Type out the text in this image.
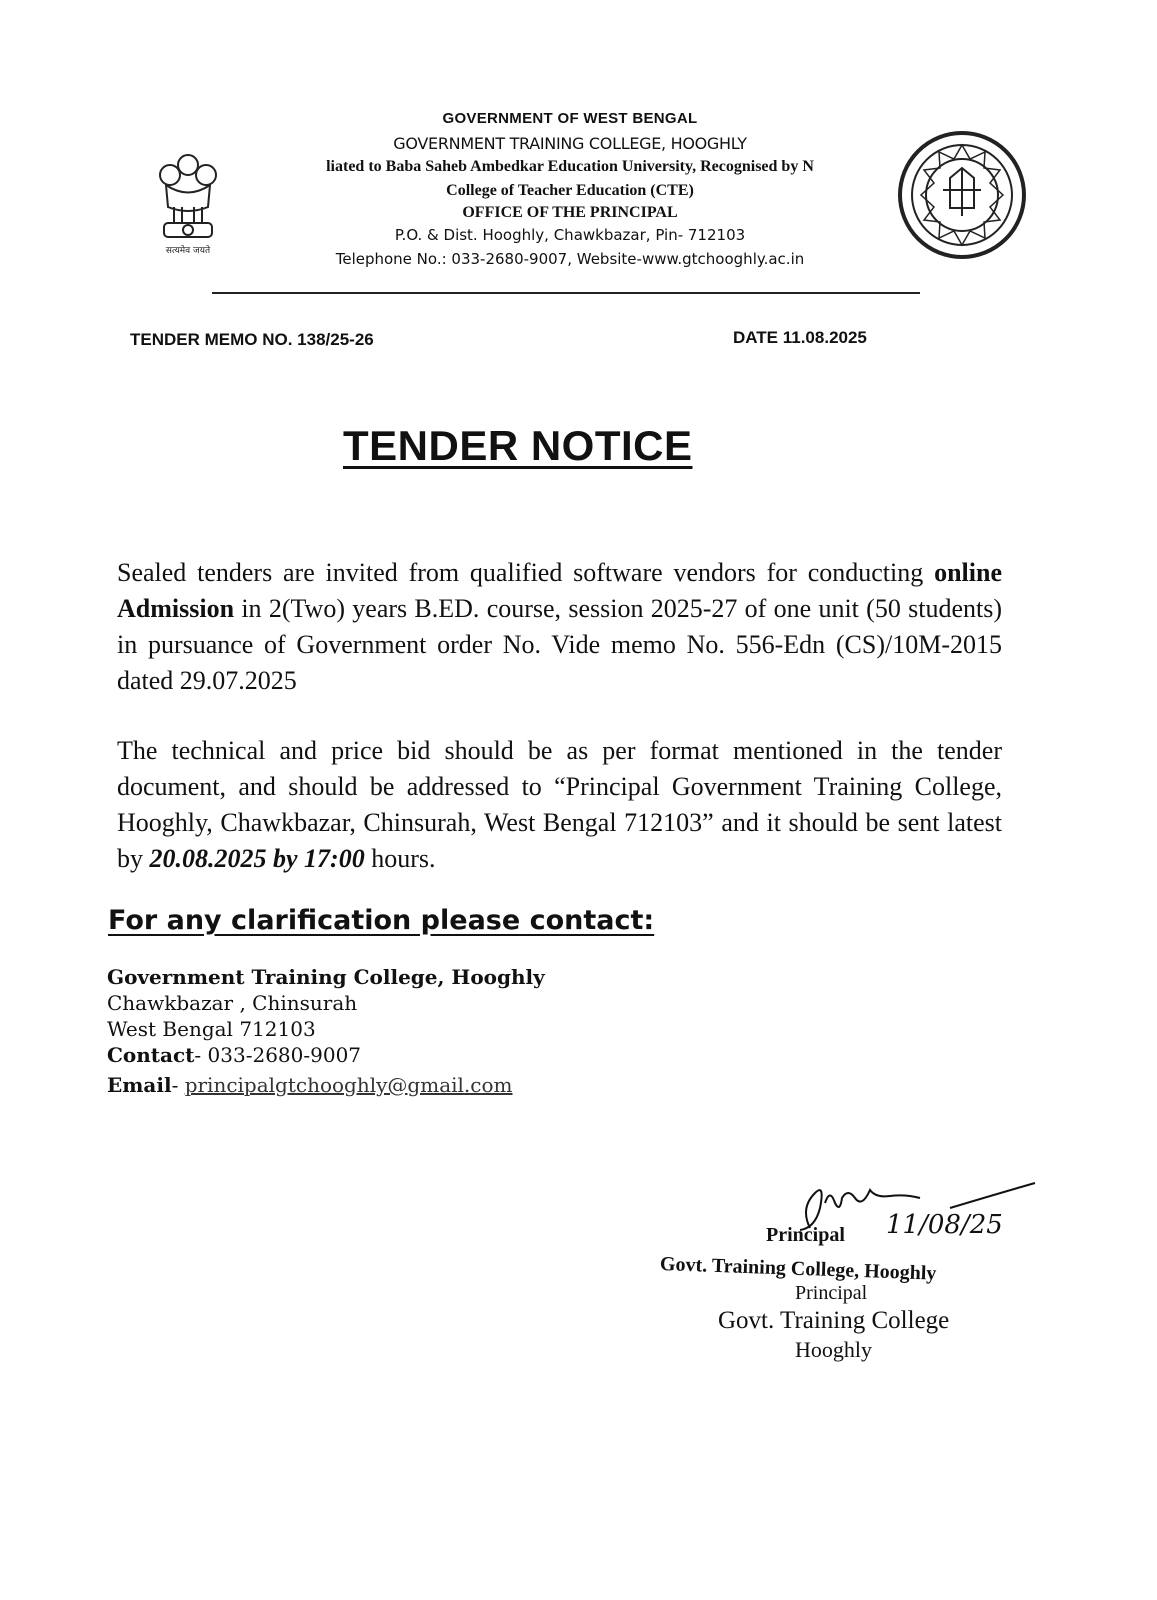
सत्यमेव जयते
GOVERNMENT OF WEST BENGAL
GOVERNMENT TRAINING COLLEGE, HOOGHLY
liated to Baba Saheb Ambedkar Education University, Recognised by N
College of Teacher Education (CTE)
OFFICE OF THE PRINCIPAL
P.O. & Dist. Hooghly, Chawkbazar, Pin- 712103
Telephone No.: 033-2680-9007, Website-www.gtchooghly.ac.in
TENDER MEMO NO. 138/25-26	DATE 11.08.2025
TENDER NOTICE
Sealed tenders are invited from qualified software vendors for conducting online Admission in 2(Two) years B.ED. course, session 2025-27 of one unit (50 students) in pursuance of Government order No. Vide memo No. 556-Edn (CS)/10M-2015 dated 29.07.2025
The technical and price bid should be as per format mentioned in the tender document, and should be addressed to “Principal Government Training College, Hooghly, Chawkbazar, Chinsurah, West Bengal 712103” and it should be sent latest by 20.08.2025 by 17:00 hours.
For any clarification please contact:
Government Training College, Hooghly
Chawkbazar , Chinsurah
West Bengal 712103
Contact- 033-2680-9007
Email- principalgtchooghly@gmail.com
11/08/25
Principal
Govt. Training College, Hooghly
Principal
Govt. Training College
Hooghly
